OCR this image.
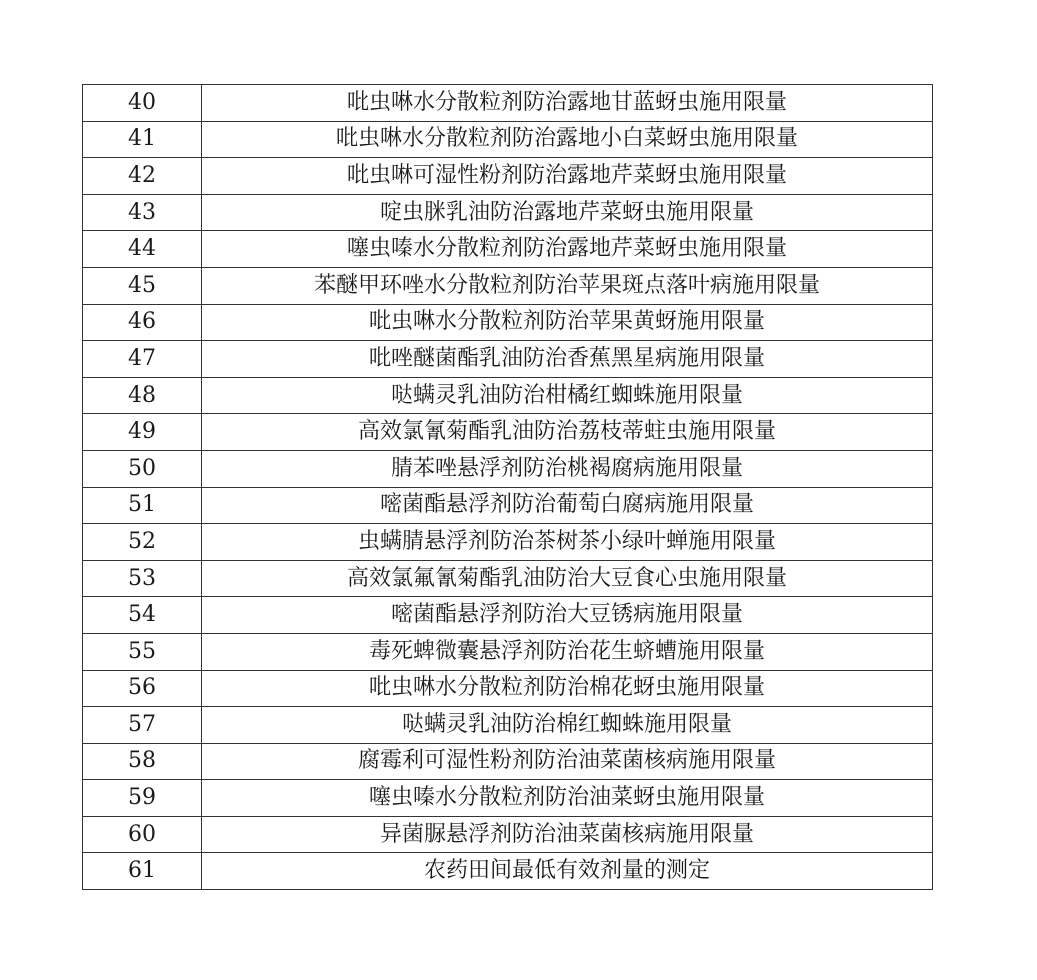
40	吡虫啉水分散粒剂防治露地甘蓝蚜虫施用限量
41	吡虫啉水分散粒剂防治露地小白菜蚜虫施用限量
42	吡虫啉可湿性粉剂防治露地芹菜蚜虫施用限量
43	啶虫脒乳油防治露地芹菜蚜虫施用限量
44	噻虫嗪水分散粒剂防治露地芹菜蚜虫施用限量
45	苯醚甲环唑水分散粒剂防治苹果斑点落叶病施用限量
46	吡虫啉水分散粒剂防治苹果黄蚜施用限量
47	吡唑醚菌酯乳油防治香蕉黑星病施用限量
48	哒螨灵乳油防治柑橘红蜘蛛施用限量
49	高效氯氰菊酯乳油防治荔枝蒂蛀虫施用限量
50	腈苯唑悬浮剂防治桃褐腐病施用限量
51	嘧菌酯悬浮剂防治葡萄白腐病施用限量
52	虫螨腈悬浮剂防治茶树茶小绿叶蝉施用限量
53	高效氯氟氰菊酯乳油防治大豆食心虫施用限量
54	嘧菌酯悬浮剂防治大豆锈病施用限量
55	毒死蜱微囊悬浮剂防治花生蛴螬施用限量
56	吡虫啉水分散粒剂防治棉花蚜虫施用限量
57	哒螨灵乳油防治棉红蜘蛛施用限量
58	腐霉利可湿性粉剂防治油菜菌核病施用限量
59	噻虫嗪水分散粒剂防治油菜蚜虫施用限量
60	异菌脲悬浮剂防治油菜菌核病施用限量
61	农药田间最低有效剂量的测定
